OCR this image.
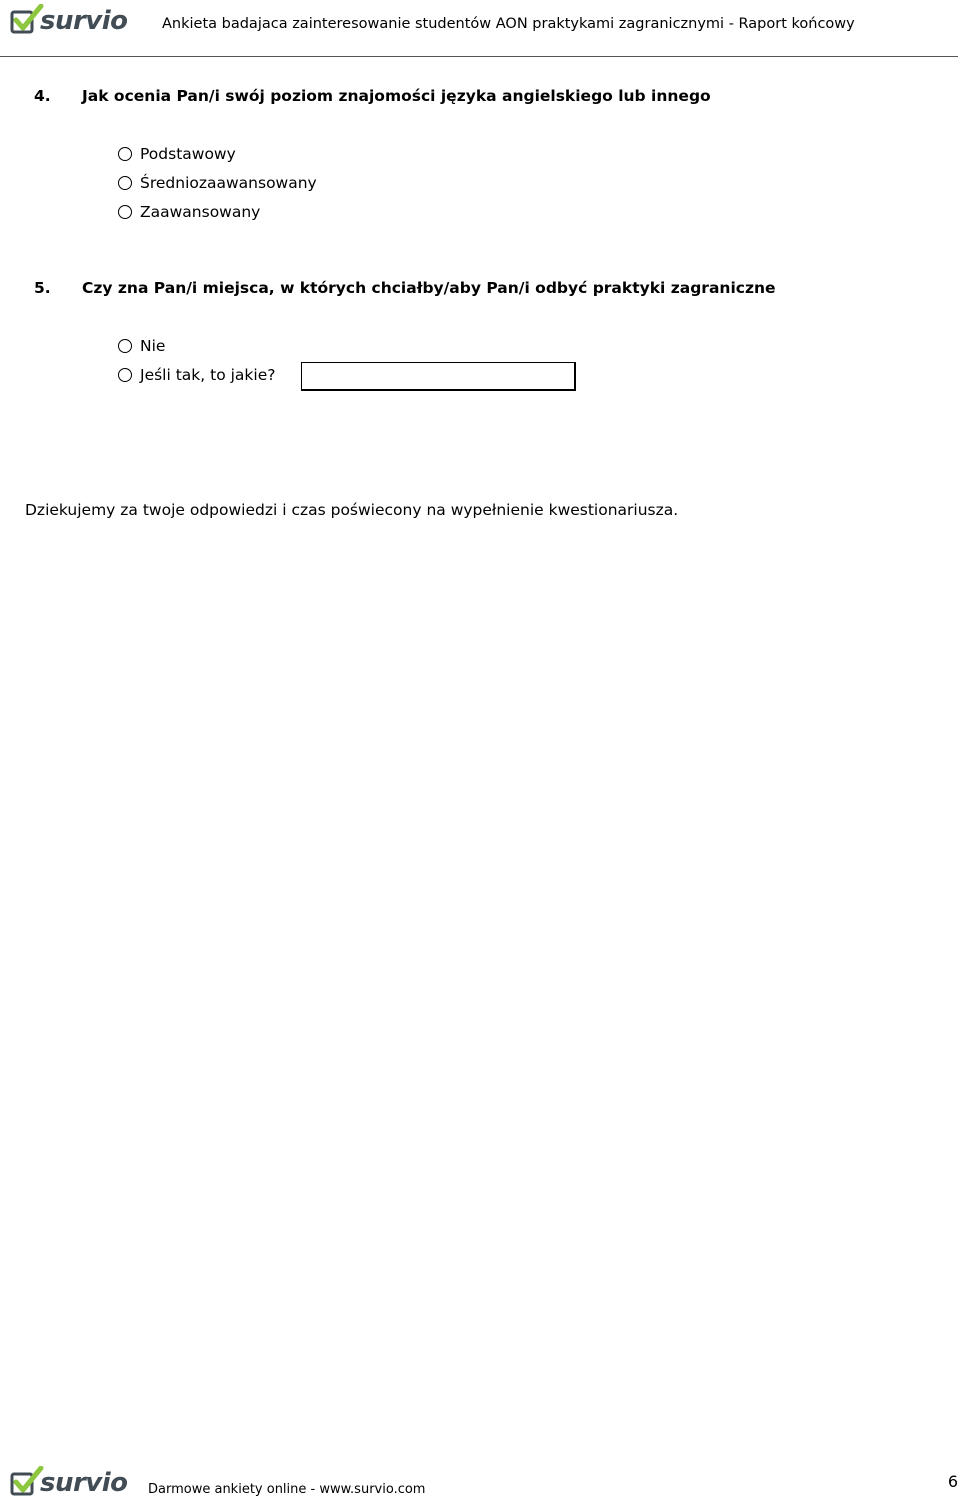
survio Ankieta badajaca zainteresowanie studentów AON praktykami zagranicznymi - Raport końcowy
4. Jak ocenia Pan/i swój poziom znajomości języka angielskiego lub innego
Podstawowy
Średniozaawansowany
Zaawansowany
5. Czy zna Pan/i miejsca, w których chciałby/aby Pan/i odbyć praktyki zagraniczne
Nie
Jeśli tak, to jakie?
Dziekujemy za twoje odpowiedzi i czas poświecony na wypełnienie kwestionariusza.
survio Darmowe ankiety online - www.survio.com	6
